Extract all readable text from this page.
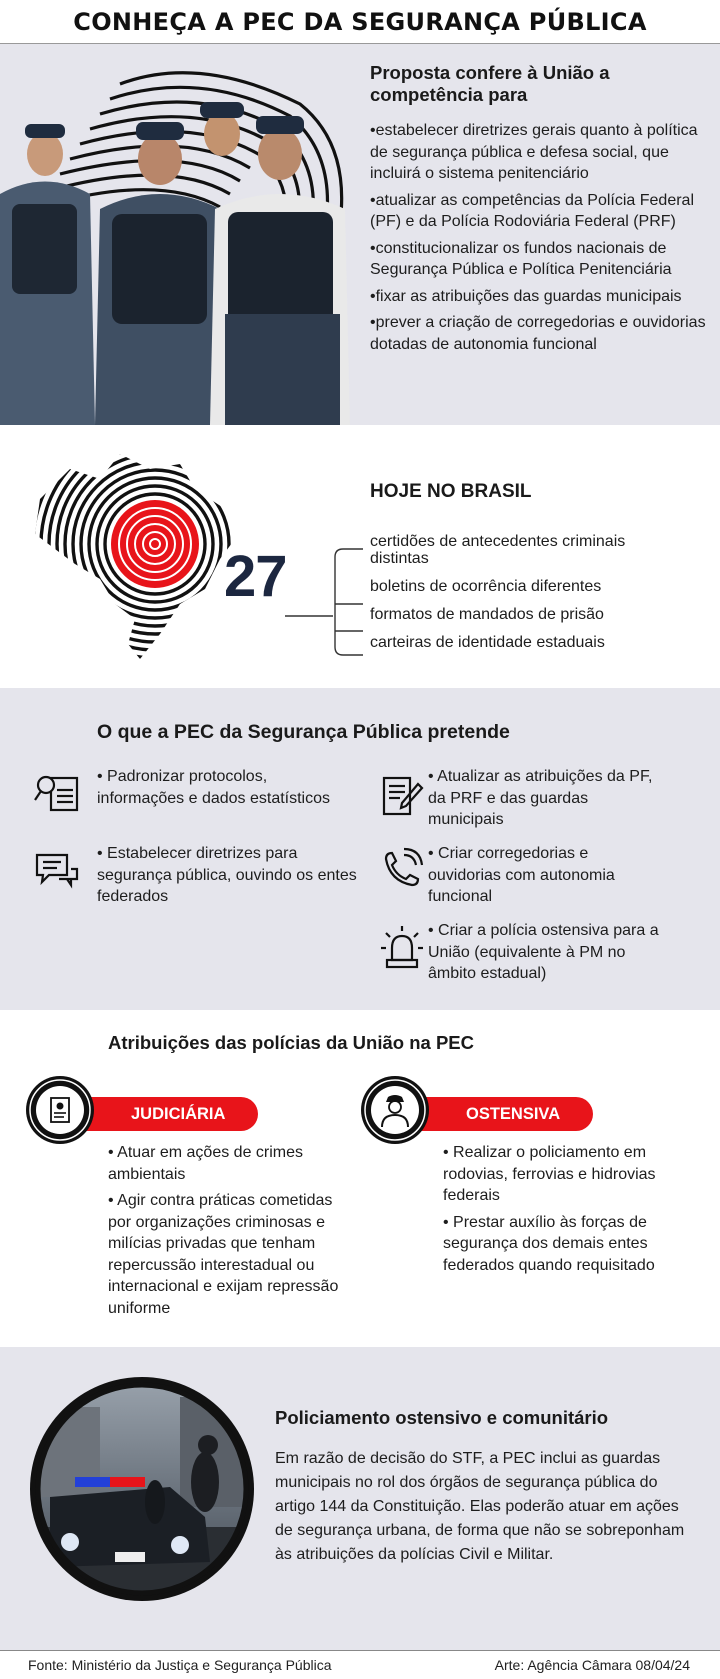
CONHEÇA A PEC DA SEGURANÇA PÚBLICA
Proposta confere à União a competência para
• estabelecer diretrizes gerais quanto à política de segurança pública e defesa social, que incluirá o sistema penitenciário
• atualizar as competências da Polícia Federal (PF) e da Polícia Rodoviária Federal (PRF)
• constitucionalizar os fundos nacionais de Segurança Pública e Política Penitenciária
• fixar as atribuições das guardas municipais
• prever a criação de corregedorias e ouvidorias dotadas de autonomia funcional
27
HOJE NO BRASIL
certidões de antecedentes criminais distintas
boletins de ocorrência diferentes
formatos de mandados de prisão
carteiras de identidade estaduais
O que a PEC da Segurança Pública pretende
• Padronizar protocolos, informações e dados estatísticos
• Estabelecer diretrizes para segurança pública, ouvindo os entes federados
• Atualizar as atribuições da PF, da PRF e das guardas municipais
• Criar corregedorias e ouvidorias com autonomia funcional
• Criar a polícia ostensiva para a União (equivalente à PM no âmbito estadual)
Atribuições das polícias da União na PEC
JUDICIÁRIA
• Atuar em ações de crimes ambientais
• Agir contra práticas cometidas por organizações criminosas e milícias privadas que tenham repercussão interestadual ou internacional e exijam repressão uniforme
OSTENSIVA
• Realizar o policiamento em rodovias, ferrovias e hidrovias federais
• Prestar auxílio às forças de segurança dos demais entes federados quando requisitado
Policiamento ostensivo e comunitário
Em razão de decisão do STF, a PEC inclui as guardas municipais no rol dos órgãos de segurança pública do artigo 144 da Constituição. Elas poderão atuar em ações de segurança urbana, de forma que não se sobreponham às atribuições da polícias Civil e Militar.
Fonte: Ministério da Justiça e Segurança Pública	Arte: Agência Câmara 08/04/24
